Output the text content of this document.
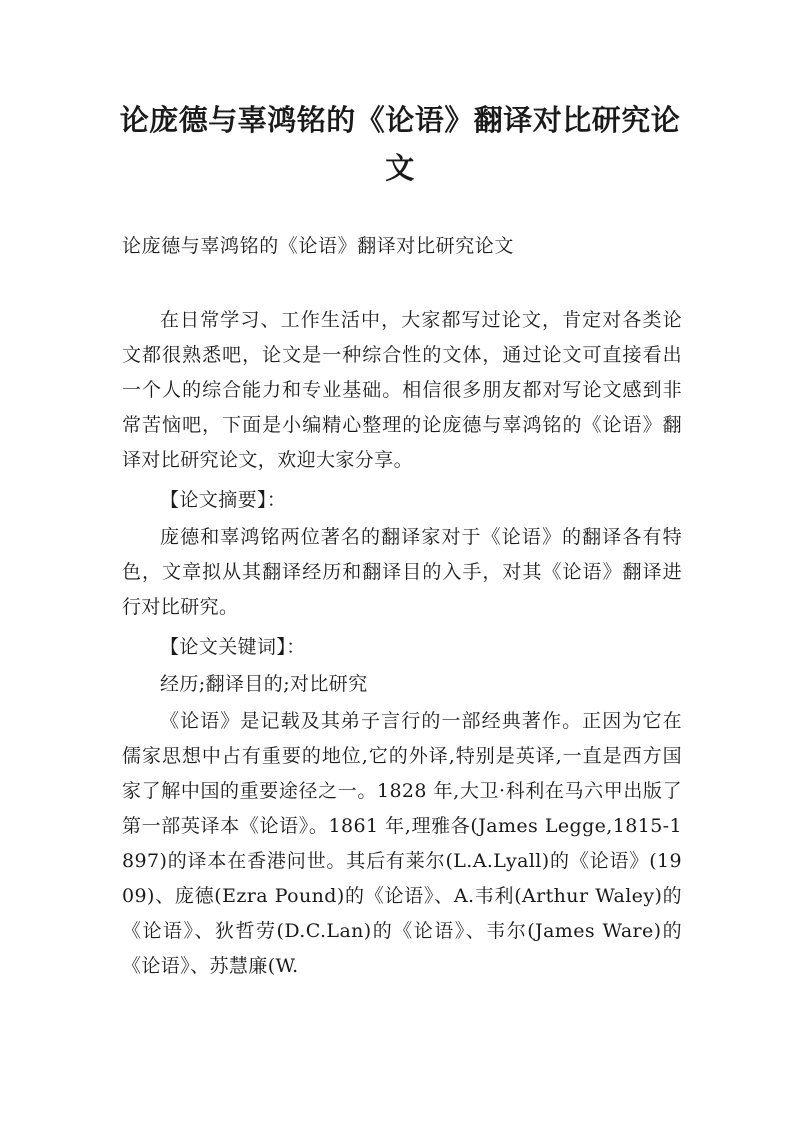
论庞德与辜鸿铭的《论语》翻译对比研究论文

论庞德与辜鸿铭的《论语》翻译对比研究论文

在日常学习、工作生活中，大家都写过论文，肯定对各类论文都很熟悉吧，论文是一种综合性的文体，通过论文可直接看出一个人的综合能力和专业基础。相信很多朋友都对写论文感到非常苦恼吧，下面是小编精心整理的论庞德与辜鸿铭的《论语》翻译对比研究论文，欢迎大家分享。

【论文摘要】：

庞德和辜鸿铭两位著名的翻译家对于《论语》的翻译各有特色，文章拟从其翻译经历和翻译目的入手，对其《论语》翻译进行对比研究。

【论文关键词】：

经历;翻译目的;对比研究

《论语》是记载及其弟子言行的一部经典著作。正因为它在儒家思想中占有重要的地位,它的外译,特别是英译,一直是西方国家了解中国的重要途径之一。1828 年,大卫·科利在马六甲出版了第一部英译本《论语》。1861 年,理雅各(James Legge,1815-1897)的译本在香港问世。其后有莱尔(L.A.Lyall)的《论语》(1909)、庞德(Ezra Pound)的《论语》、A.韦利(Arthur Waley)的《论语》、狄哲劳(D.C.Lan)的《论语》、韦尔(James Ware)的《论语》、苏慧廉(W.
